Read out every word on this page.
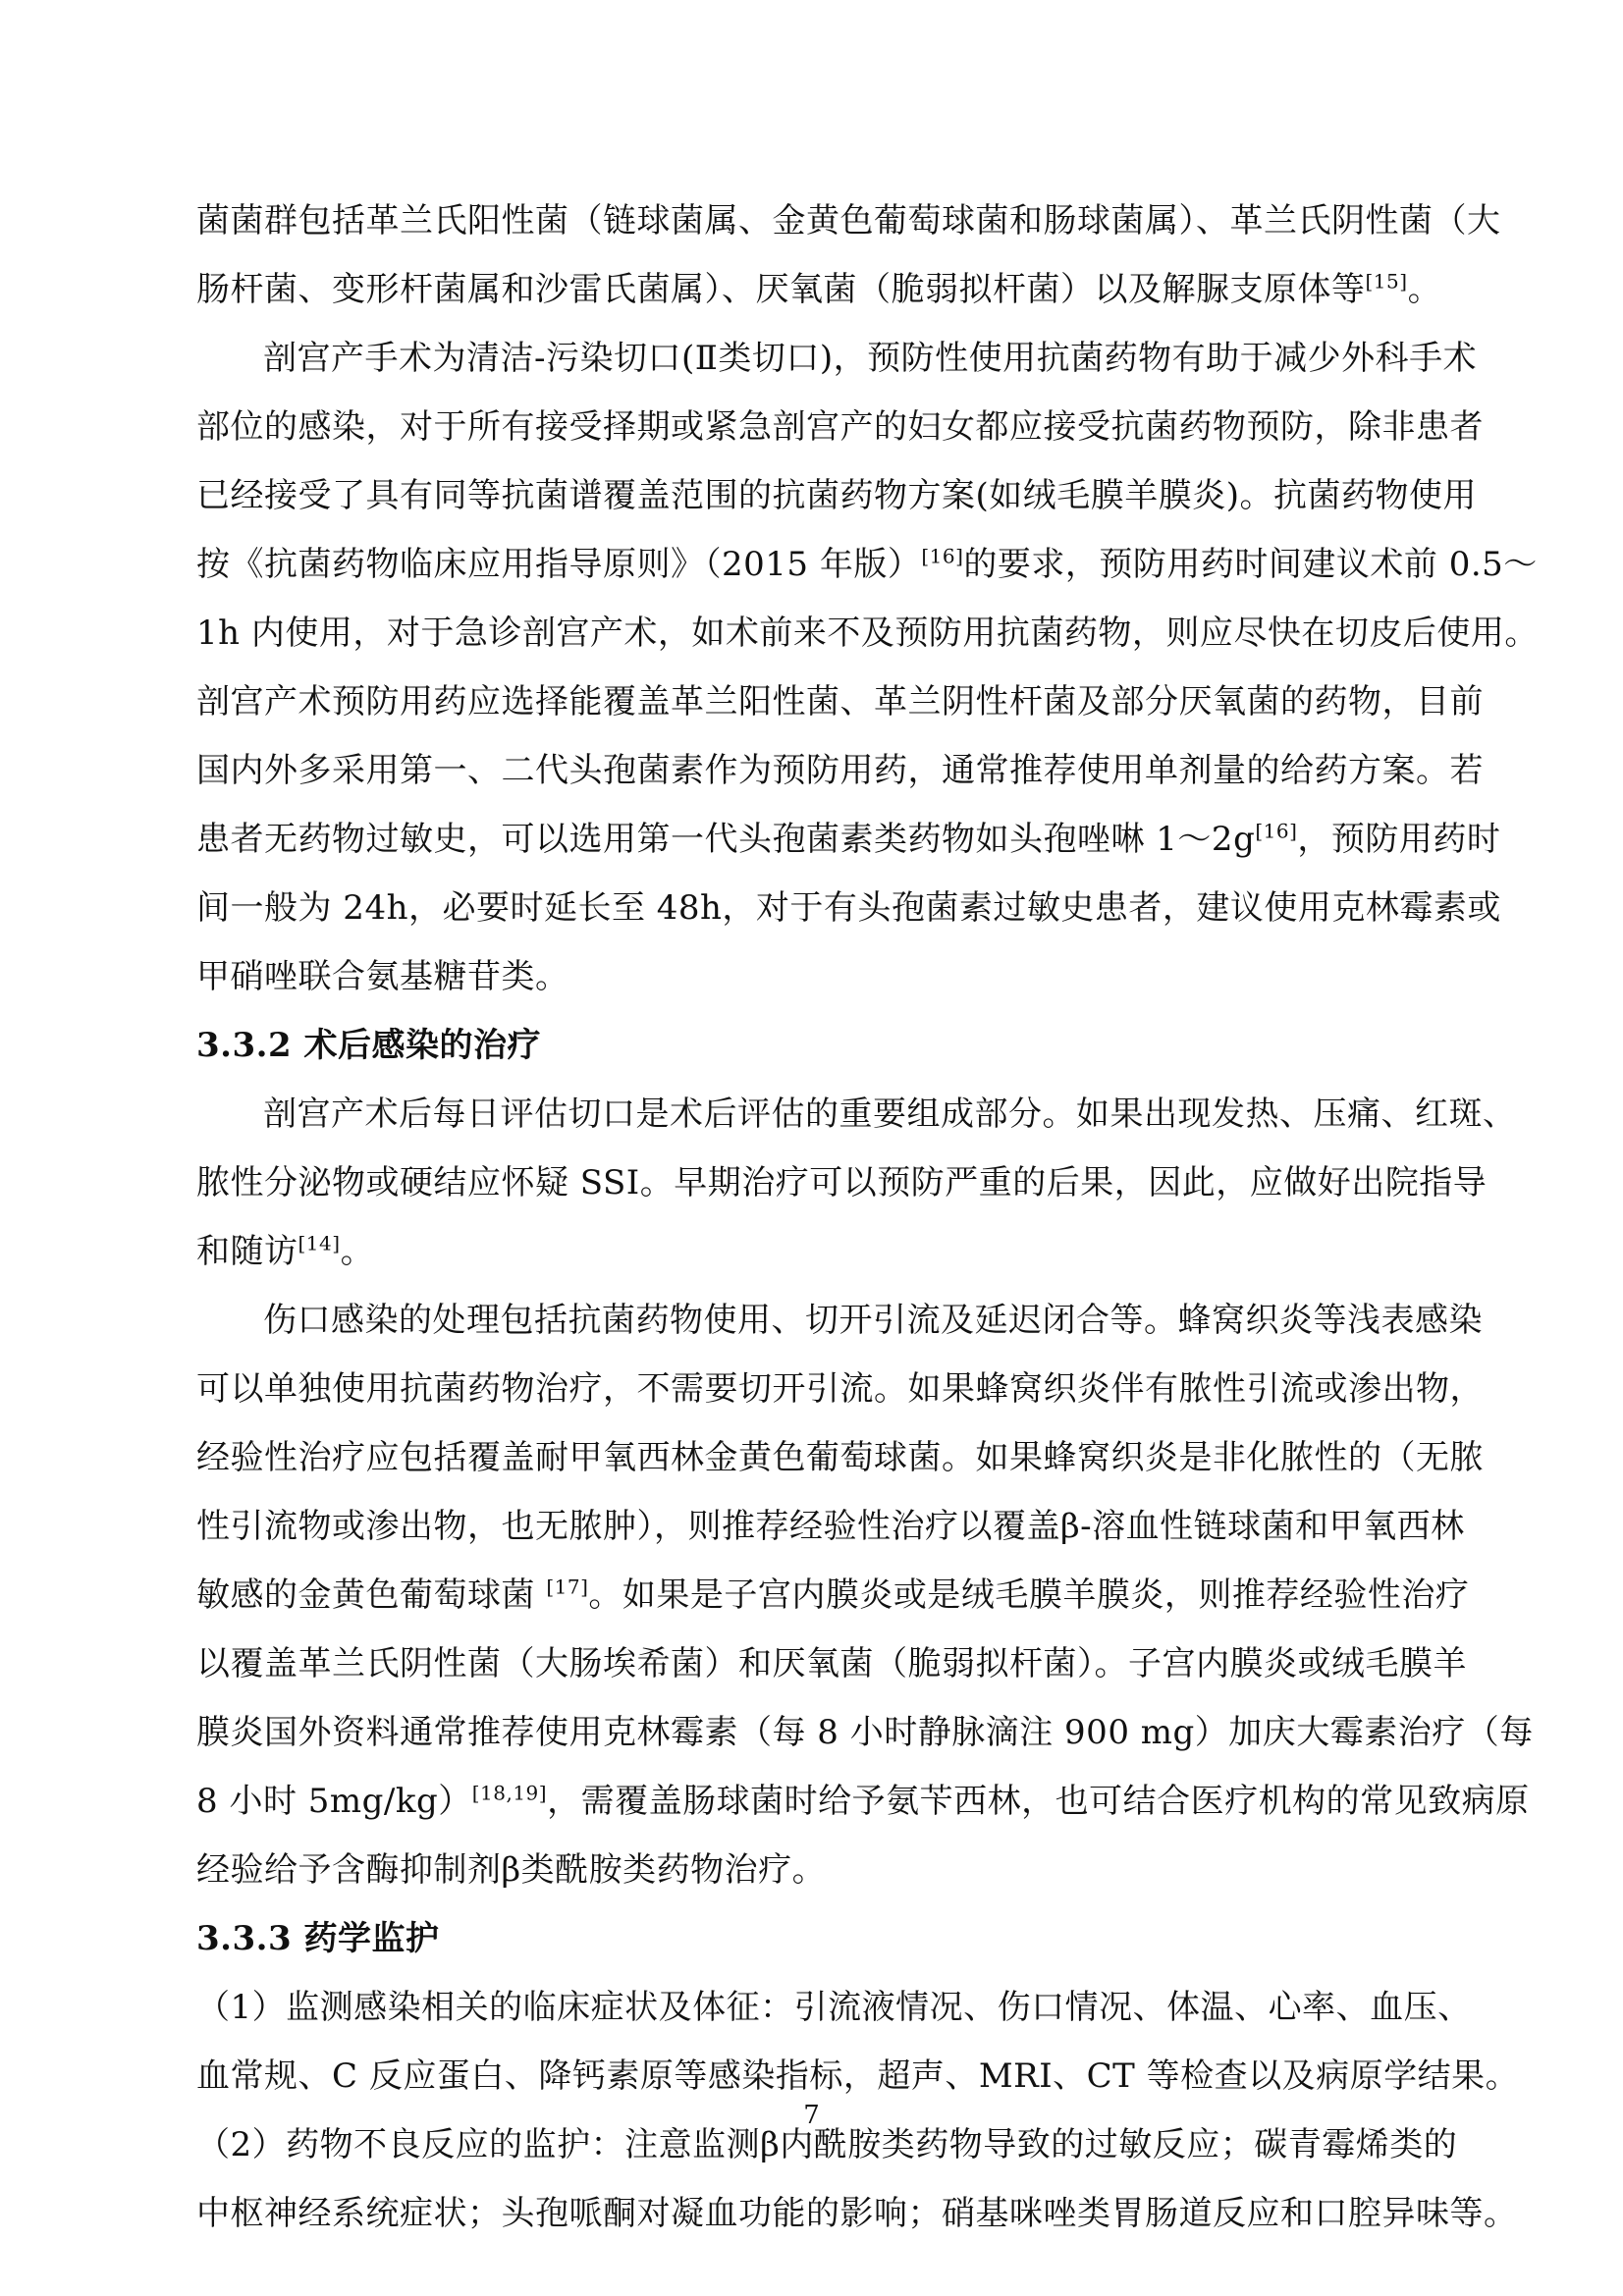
菌菌群包括革兰氏阳性菌（链球菌属、金黄色葡萄球菌和肠球菌属）、革兰氏阴性菌（大
肠杆菌、变形杆菌属和沙雷氏菌属）、厌氧菌（脆弱拟杆菌）以及解脲支原体等[15]。
剖宫产手术为清洁-污染切口(Ⅱ类切口)，预防性使用抗菌药物有助于减少外科手术
部位的感染，对于所有接受择期或紧急剖宫产的妇女都应接受抗菌药物预防，除非患者
已经接受了具有同等抗菌谱覆盖范围的抗菌药物方案(如绒毛膜羊膜炎)。抗菌药物使用
按《抗菌药物临床应用指导原则》（2015 年版）[16]的要求，预防用药时间建议术前 0.5～
1h 内使用，对于急诊剖宫产术，如术前来不及预防用抗菌药物，则应尽快在切皮后使用。
剖宫产术预防用药应选择能覆盖革兰阳性菌、革兰阴性杆菌及部分厌氧菌的药物，目前
国内外多采用第一、二代头孢菌素作为预防用药，通常推荐使用单剂量的给药方案。若
患者无药物过敏史，可以选用第一代头孢菌素类药物如头孢唑啉 1～2g[16]，预防用药时
间一般为 24h，必要时延长至 48h，对于有头孢菌素过敏史患者，建议使用克林霉素或
甲硝唑联合氨基糖苷类。
3.3.2 术后感染的治疗
剖宫产术后每日评估切口是术后评估的重要组成部分。如果出现发热、压痛、红斑、
脓性分泌物或硬结应怀疑 SSI。早期治疗可以预防严重的后果，因此，应做好出院指导
和随访[14]。
伤口感染的处理包括抗菌药物使用、切开引流及延迟闭合等。蜂窝织炎等浅表感染
可以单独使用抗菌药物治疗，不需要切开引流。如果蜂窝织炎伴有脓性引流或渗出物，
经验性治疗应包括覆盖耐甲氧西林金黄色葡萄球菌。如果蜂窝织炎是非化脓性的（无脓
性引流物或渗出物，也无脓肿），则推荐经验性治疗以覆盖β-溶血性链球菌和甲氧西林
敏感的金黄色葡萄球菌 [17]。如果是子宫内膜炎或是绒毛膜羊膜炎，则推荐经验性治疗
以覆盖革兰氏阴性菌（大肠埃希菌）和厌氧菌（脆弱拟杆菌）。子宫内膜炎或绒毛膜羊
膜炎国外资料通常推荐使用克林霉素（每 8 小时静脉滴注 900 mg）加庆大霉素治疗（每
8 小时 5mg/kg）[18,19]，需覆盖肠球菌时给予氨苄西林，也可结合医疗机构的常见致病原
经验给予含酶抑制剂β类酰胺类药物治疗。
3.3.3 药学监护
（1）监测感染相关的临床症状及体征：引流液情况、伤口情况、体温、心率、血压、
血常规、C 反应蛋白、降钙素原等感染指标，超声、MRI、CT 等检查以及病原学结果。
（2）药物不良反应的监护：注意监测β内酰胺类药物导致的过敏反应；碳青霉烯类的
中枢神经系统症状；头孢哌酮对凝血功能的影响；硝基咪唑类胃肠道反应和口腔异味等。
7
